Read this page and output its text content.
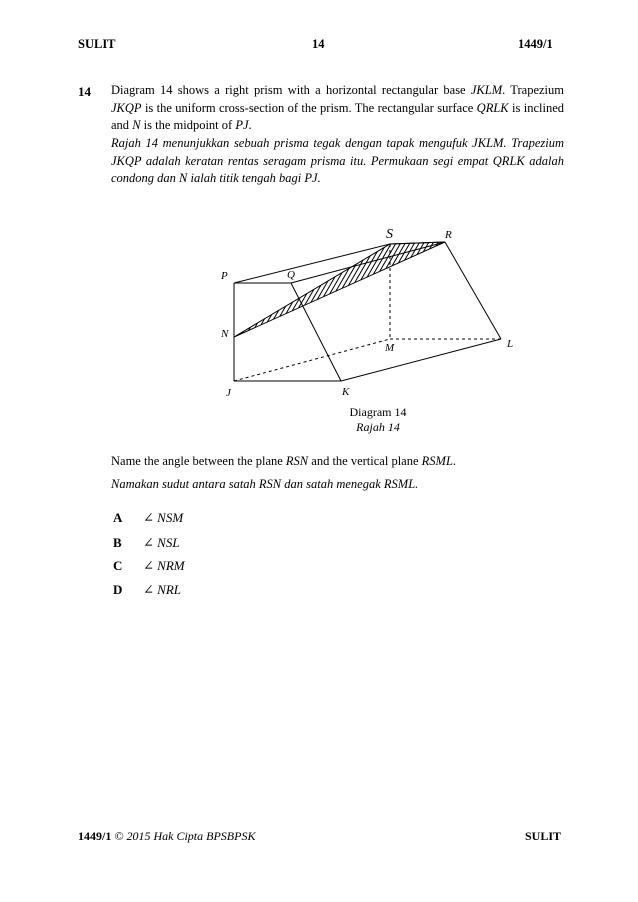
SULIT	14	1449/1
14 Diagram 14 shows a right prism with a horizontal rectangular base JKLM. Trapezium JKQP is the uniform cross-section of the prism. The rectangular surface QRLK is inclined and N is the midpoint of PJ.
Rajah 14 menunjukkan sebuah prisma tegak dengan tapak mengufuk JKLM. Trapezium JKQP adalah keratan rentas seragam prisma itu. Permukaan segi empat QRLK adalah condong dan N ialah titik tengah bagi PJ.
S	R
P	Q
N
M	L
J	K
Diagram 14
Rajah 14
Name the angle between the plane RSN and the vertical plane RSML.
Namakan sudut antara satah RSN dan satah menegak RSML.
A ∠ NSM
B ∠ NSL
C ∠ NRM
D ∠ NRL
1449/1 © 2015 Hak Cipta BPSBPSK	SULIT
